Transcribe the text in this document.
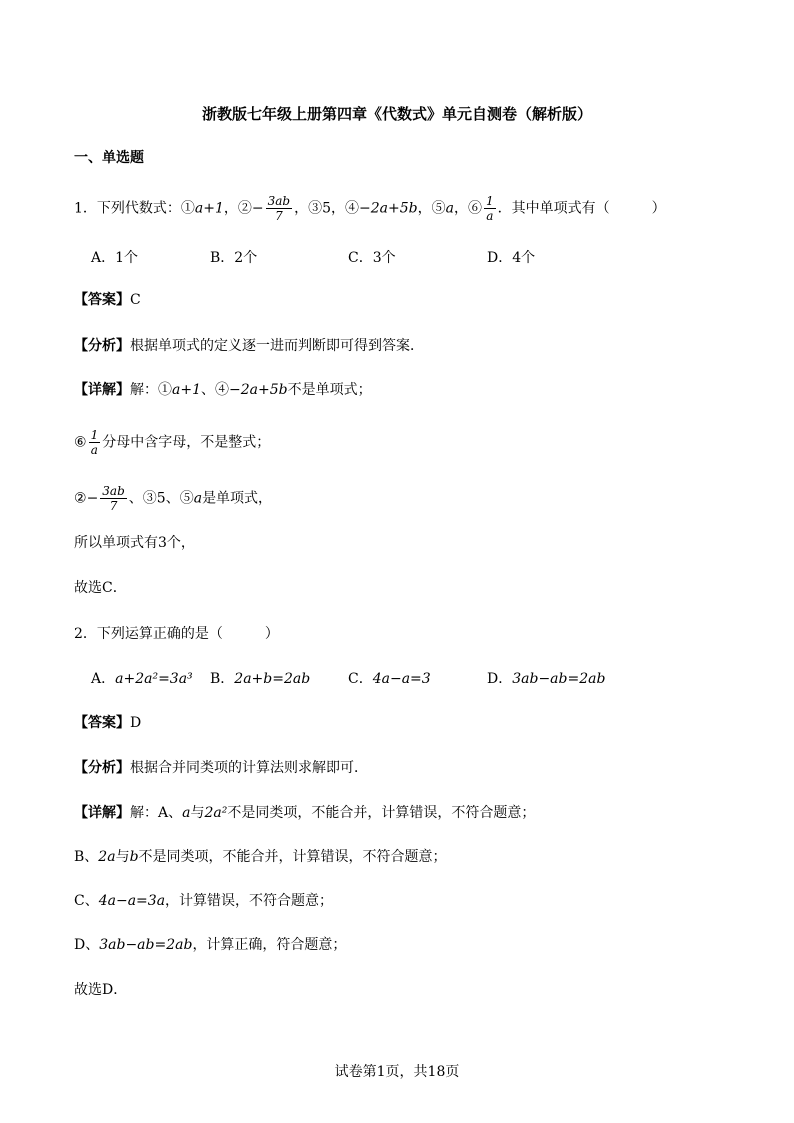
浙教版七年级上册第四章《代数式》单元自测卷（解析版）
一、单选题
1．下列代数式：①a+1，②− $\frac{3ab}{7}$ ，③5，④−2a+5b，⑤a，⑥ $\frac{1}{a}$ ．其中单项式有（　　　）
A．1个	B．2个	C．3个	D．4个
【答案】C
【分析】根据单项式的定义逐一进而判断即可得到答案．
【详解】解：①a+1、④−2a+5b不是单项式；
⑥ $\frac{1}{a}$ 分母中含字母，不是整式；
②− $\frac{3ab}{7}$ 、③5、⑤a是单项式，
所以单项式有3个，
故选C．
2．下列运算正确的是（　　　）
A．a+2a²=3a³ B．2a+b=2ab	C．4a−a=3	D．3ab−ab=2ab
【答案】D
【分析】根据合并同类项的计算法则求解即可．
【详解】解：A、a与2a²不是同类项，不能合并，计算错误，不符合题意；
B、2a与b不是同类项，不能合并，计算错误，不符合题意；
C、4a−a=3a，计算错误，不符合题意；
D、3ab−ab=2ab，计算正确，符合题意；
故选D．
试卷第1页，共18页
